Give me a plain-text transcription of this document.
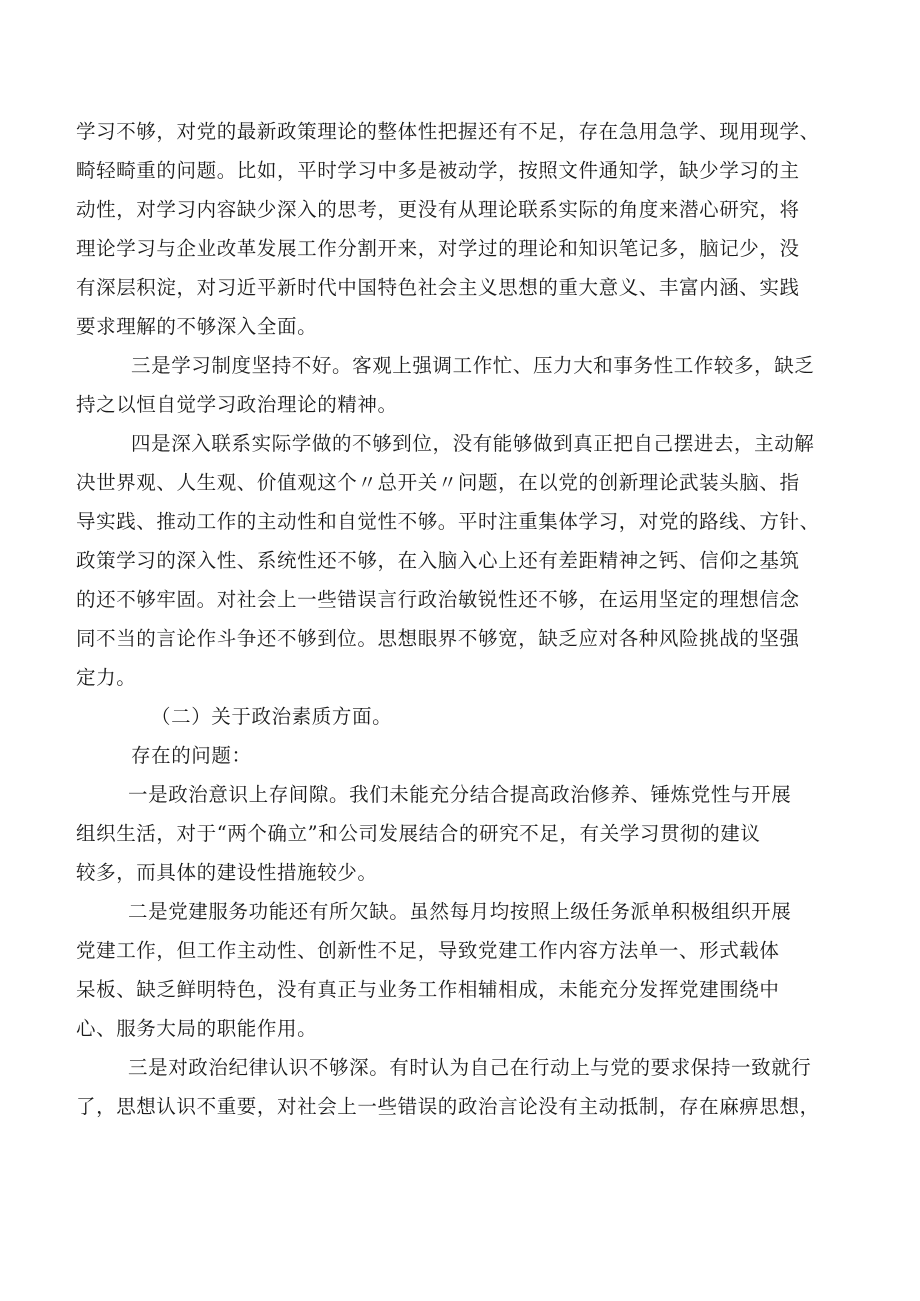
学习不够，对党的最新政策理论的整体性把握还有不足，存在急用急学、现用现学、
畸轻畸重的问题。比如，平时学习中多是被动学，按照文件通知学，缺少学习的主
动性，对学习内容缺少深入的思考，更没有从理论联系实际的角度来潜心研究，将
理论学习与企业改革发展工作分割开来，对学过的理论和知识笔记多，脑记少，没
有深层积淀，对习近平新时代中国特色社会主义思想的重大意义、丰富内涵、实践
要求理解的不够深入全面。
三是学习制度坚持不好。客观上强调工作忙、压力大和事务性工作较多，缺乏
持之以恒自觉学习政治理论的精神。
四是深入联系实际学做的不够到位，没有能够做到真正把自己摆进去，主动解
决世界观、人生观、价值观这个〃总开关〃问题，在以党的创新理论武装头脑、指
导实践、推动工作的主动性和自觉性不够。平时注重集体学习，对党的路线、方针、
政策学习的深入性、系统性还不够，在入脑入心上还有差距精神之钙、信仰之基筑
的还不够牢固。对社会上一些错误言行政治敏锐性还不够，在运用坚定的理想信念
同不当的言论作斗争还不够到位。思想眼界不够宽，缺乏应对各种风险挑战的坚强
定力。
（二）关于政治素质方面。
存在的问题：
一是政治意识上存间隙。我们未能充分结合提高政治修养、锤炼党性与开展
组织生活，对于“两个确立”和公司发展结合的研究不足，有关学习贯彻的建议
较多，而具体的建设性措施较少。
二是党建服务功能还有所欠缺。虽然每月均按照上级任务派单积极组织开展
党建工作，但工作主动性、创新性不足，导致党建工作内容方法单一、形式载体
呆板、缺乏鲜明特色，没有真正与业务工作相辅相成，未能充分发挥党建围绕中
心、服务大局的职能作用。
三是对政治纪律认识不够深。有时认为自己在行动上与党的要求保持一致就行
了，思想认识不重要，对社会上一些错误的政治言论没有主动抵制，存在麻痹思想，
